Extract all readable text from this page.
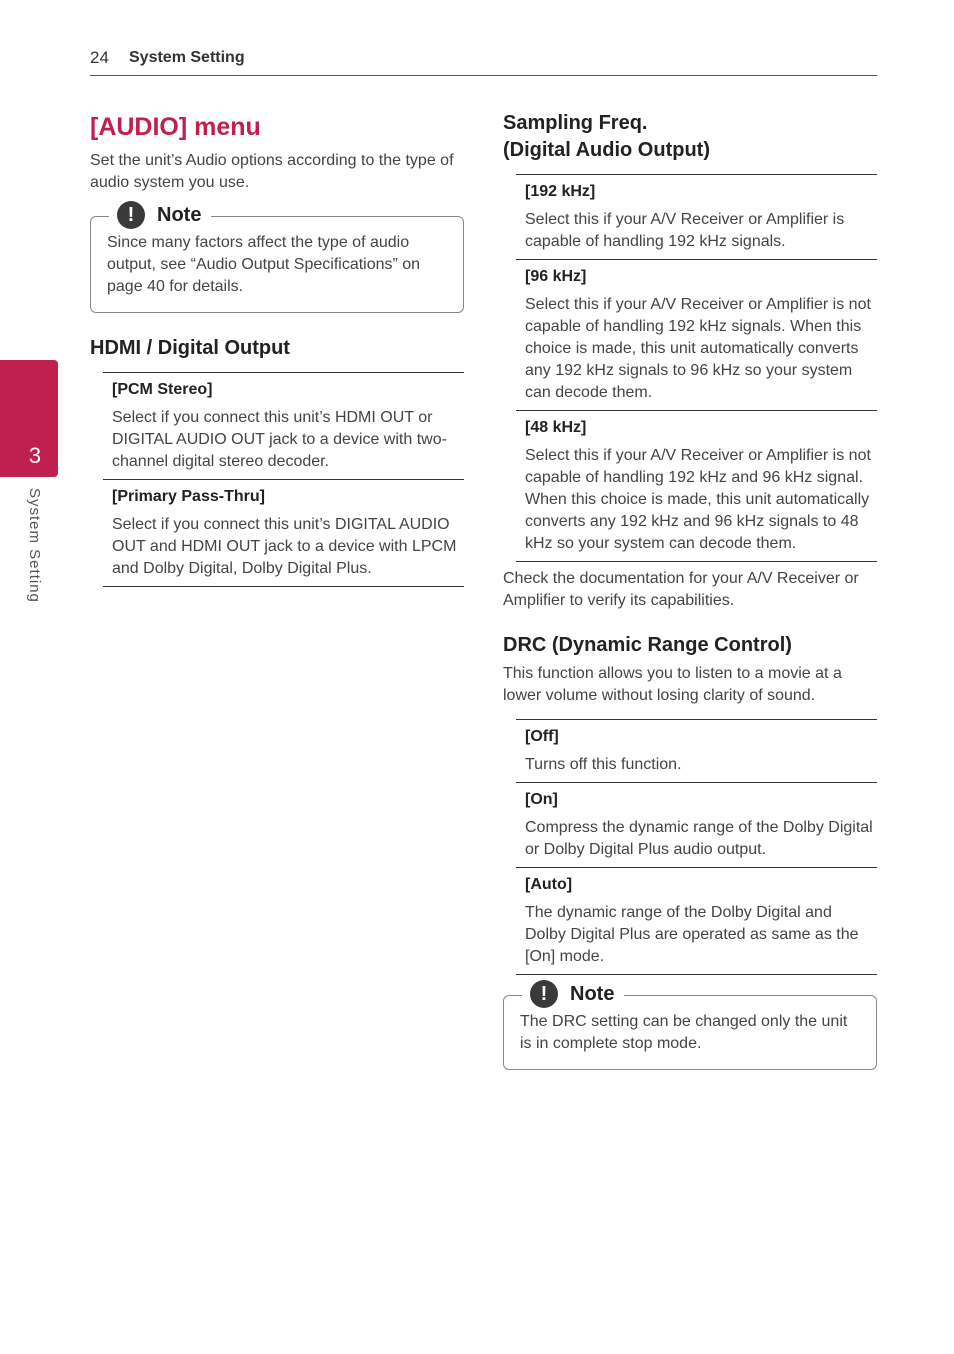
24 System Setting
3
System Setting
[AUDIO] menu

Set the unit’s Audio options according to the type of audio system you use.

!	Note
Since many factors affect the type of audio output, see “Audio Output Specifications” on page 40 for details.
HDMI / Digital Output
[PCM Stereo]
Select if you connect this unit’s HDMI OUT or DIGITAL AUDIO OUT jack to a device with two-channel digital stereo decoder.
[Primary Pass-Thru]
Select if you connect this unit’s DIGITAL AUDIO OUT and HDMI OUT jack to a device with LPCM and Dolby Digital, Dolby Digital Plus.
Sampling Freq.
(Digital Audio Output)
[192 kHz]
Select this if your A/V Receiver or Amplifier is capable of handling 192 kHz signals.
[96 kHz]
Select this if your A/V Receiver or Amplifier is not capable of handling 192 kHz signals. When this choice is made, this unit automatically converts any 192 kHz signals to 96 kHz so your system can decode them.
[48 kHz]
Select this if your A/V Receiver or Amplifier is not capable of handling 192 kHz and 96 kHz signal. When this choice is made, this unit automatically converts any 192 kHz and 96 kHz signals to 48 kHz so your system can decode them.
Check the documentation for your A/V Receiver or Amplifier to verify its capabilities.
DRC (Dynamic Range Control)
This function allows you to listen to a movie at a lower volume without losing clarity of sound.
[Off]
Turns off this function.
[On]
Compress the dynamic range of the Dolby Digital or Dolby Digital Plus audio output.
[Auto]
The dynamic range of the Dolby Digital and Dolby Digital Plus are operated as same as the [On] mode.
!	Note
The DRC setting can be changed only the unit is in complete stop mode.
